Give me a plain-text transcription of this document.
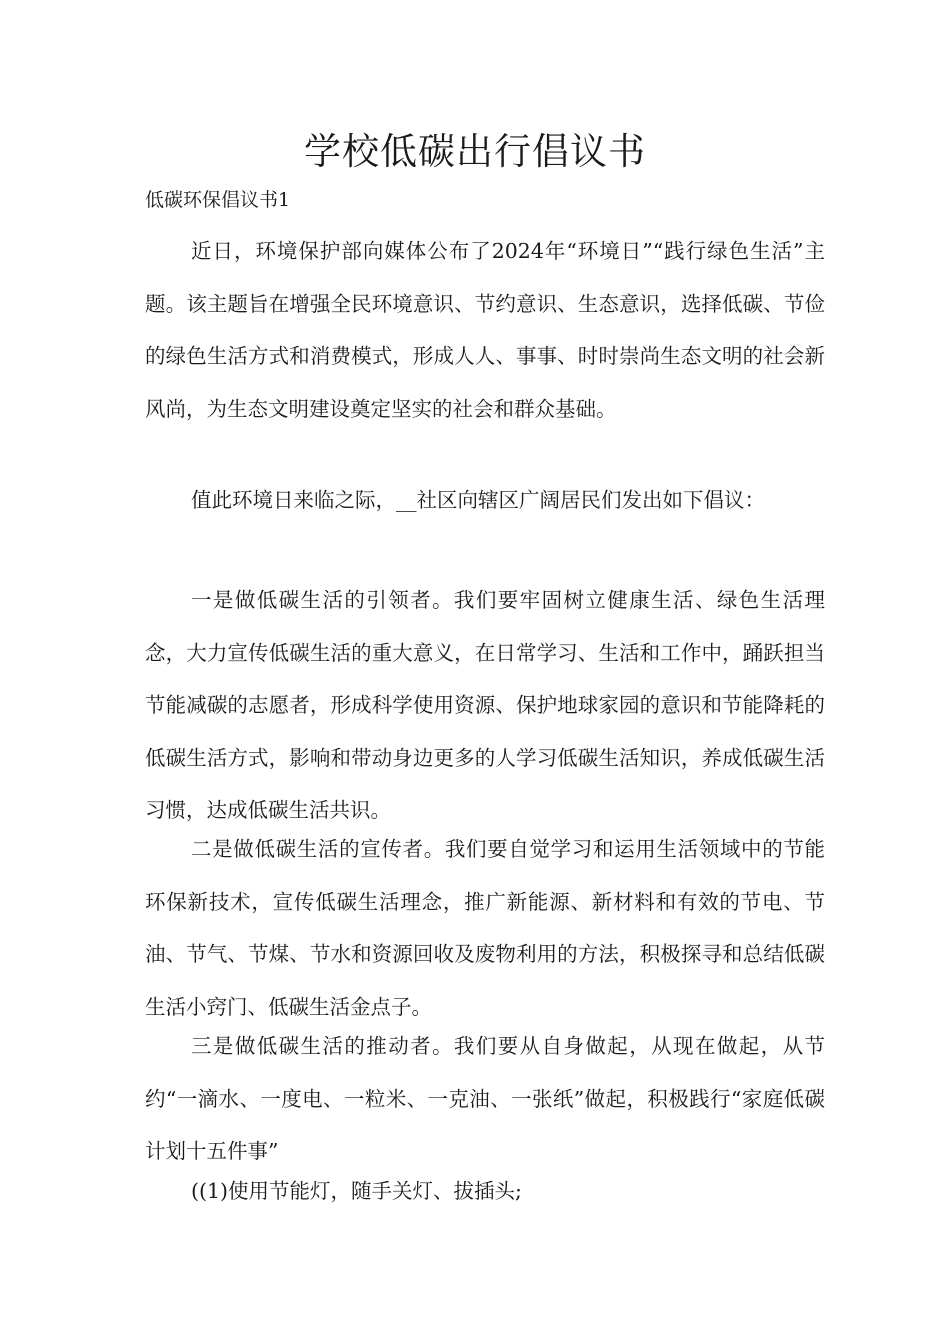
学校低碳出行倡议书

低碳环保倡议书1

近日，环境保护部向媒体公布了2024年“环境日”“践行绿色生活”主题。该主题旨在增强全民环境意识、节约意识、生态意识，选择低碳、节俭的绿色生活方式和消费模式，形成人人、事事、时时崇尚生态文明的社会新风尚，为生态文明建设奠定坚实的社会和群众基础。

值此环境日来临之际，__社区向辖区广阔居民们发出如下倡议：

一是做低碳生活的引领者。我们要牢固树立健康生活、绿色生活理念，大力宣传低碳生活的重大意义，在日常学习、生活和工作中，踊跃担当节能减碳的志愿者，形成科学使用资源、保护地球家园的意识和节能降耗的低碳生活方式，影响和带动身边更多的人学习低碳生活知识，养成低碳生活习惯，达成低碳生活共识。

二是做低碳生活的宣传者。我们要自觉学习和运用生活领域中的节能环保新技术，宣传低碳生活理念，推广新能源、新材料和有效的节电、节油、节气、节煤、节水和资源回收及废物利用的方法，积极探寻和总结低碳生活小窍门、低碳生活金点子。

三是做低碳生活的推动者。我们要从自身做起，从现在做起，从节约“一滴水、一度电、一粒米、一克油、一张纸”做起，积极践行“家庭低碳计划十五件事”

((1)使用节能灯，随手关灯、拔插头;
